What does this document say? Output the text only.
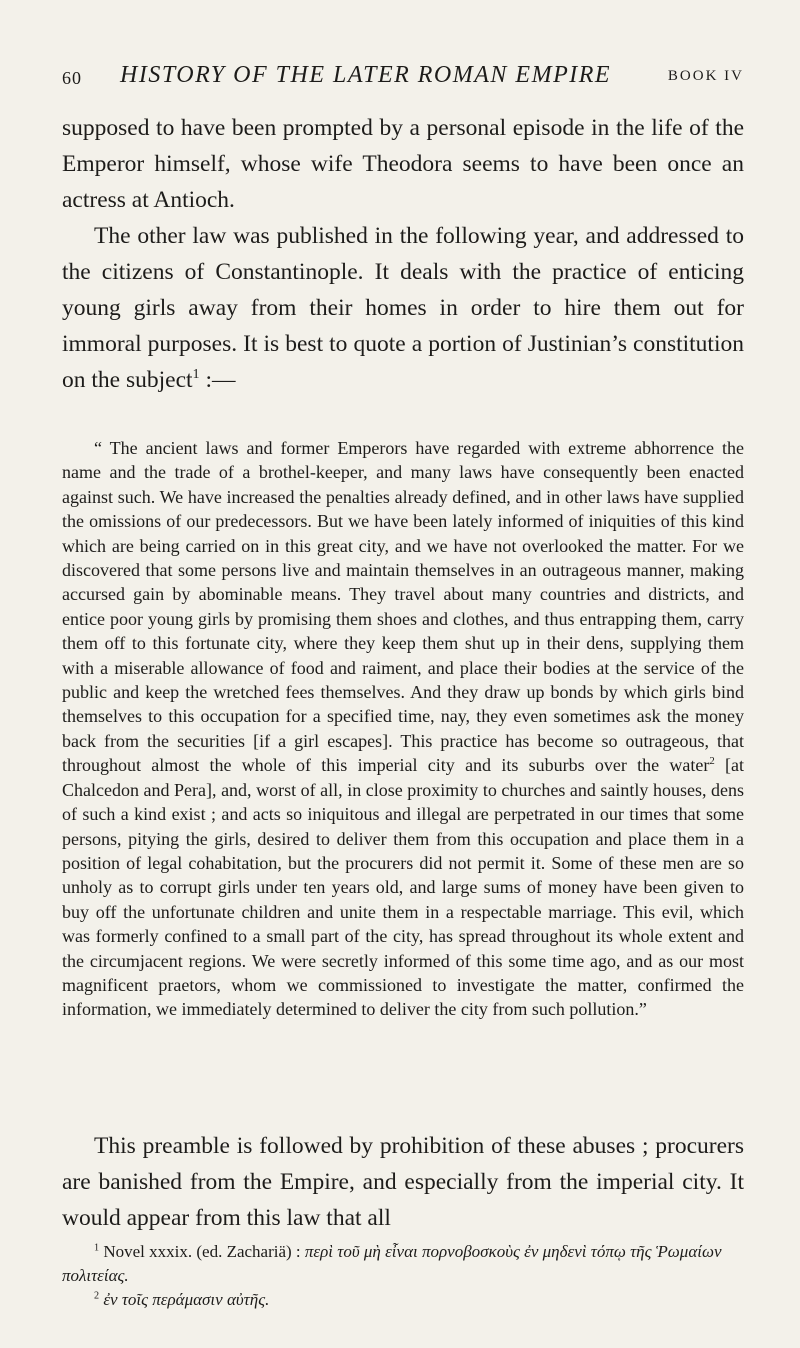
60 HISTORY OF THE LATER ROMAN EMPIRE	BOOK IV

supposed to have been prompted by a personal episode in the life of the Emperor himself, whose wife Theodora seems to have been once an actress at Antioch.

The other law was published in the following year, and addressed to the citizens of Constantinople. It deals with the practice of enticing young girls away from their homes in order to hire them out for immoral purposes. It is best to quote a portion of Justinian’s constitution on the subject$^1$ :—

“ The ancient laws and former Emperors have regarded with extreme abhorrence the name and the trade of a brothel-keeper, and many laws have consequently been enacted against such. We have increased the penalties already defined, and in other laws have supplied the omissions of our predecessors. But we have been lately informed of iniquities of this kind which are being carried on in this great city, and we have not overlooked the matter. For we discovered that some persons live and maintain themselves in an outrageous manner, making accursed gain by abominable means. They travel about many countries and districts, and entice poor young girls by promising them shoes and clothes, and thus entrapping them, carry them off to this fortunate city, where they keep them shut up in their dens, supplying them with a miserable allowance of food and raiment, and place their bodies at the service of the public and keep the wretched fees themselves. And they draw up bonds by which girls bind themselves to this occupation for a specified time, nay, they even sometimes ask the money back from the securities [if a girl escapes]. This practice has become so outrageous, that throughout almost the whole of this imperial city and its suburbs over the water$^2$ [at Chalcedon and Pera], and, worst of all, in close proximity to churches and saintly houses, dens of such a kind exist ; and acts so iniquitous and illegal are perpetrated in our times that some persons, pitying the girls, desired to deliver them from this occupation and place them in a position of legal cohabitation, but the procurers did not permit it. Some of these men are so unholy as to corrupt girls under ten years old, and large sums of money have been given to buy off the unfortunate children and unite them in a respectable marriage. This evil, which was formerly confined to a small part of the city, has spread throughout its whole extent and the circumjacent regions. We were secretly informed of this some time ago, and as our most magnificent praetors, whom we commissioned to investigate the matter, confirmed the information, we immediately determined to deliver the city from such pollution.”

This preamble is followed by prohibition of these abuses ; procurers are banished from the Empire, and especially from the imperial city. It would appear from this law that all

$^1$ Novel xxxix. (ed. Zachariä) : περὶ τοῦ μὴ εἶναι πορνοβοσκοὺς ἐν μηδενὶ τόπῳ τῆς Ῥωμαίων πολιτείας.

$^2$ ἐν τοῖς περάμασιν αὐτῆς.
